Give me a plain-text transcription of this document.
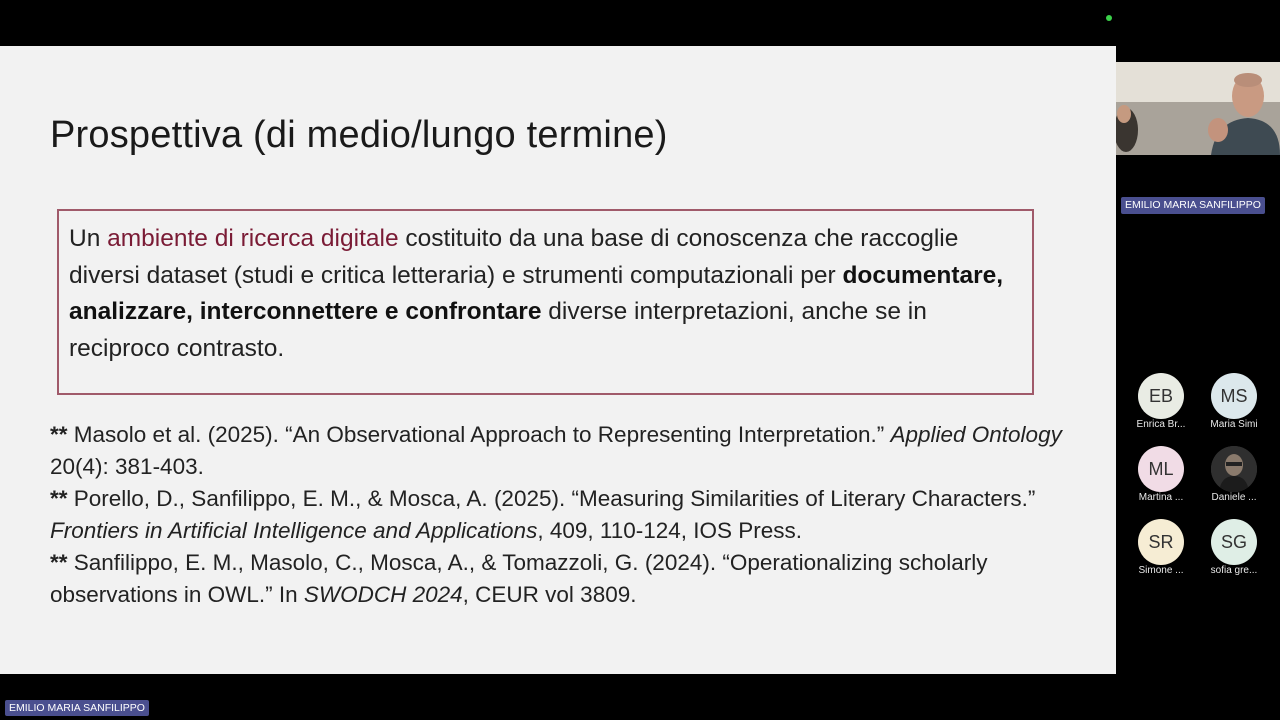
Prospettiva (di medio/lungo termine)
Un ambiente di ricerca digitale costituito da una base di conoscenza che raccoglie diversi dataset (studi e critica letteraria) e strumenti computazionali per documentare, analizzare, interconnettere e confrontare diverse interpretazioni, anche se in reciproco contrasto.
** Masolo et al. (2025). “An Observational Approach to Representing Interpretation.” Applied Ontology 20(4): 381-403.
** Porello, D., Sanfilippo, E. M., & Mosca, A. (2025). “Measuring Similarities of Literary Characters.” Frontiers in Artificial Intelligence and Applications, 409, 110-124, IOS Press.
** Sanfilippo, E. M., Masolo, C., Mosca, A., & Tomazzoli, G. (2024). “Operationalizing scholarly observations in OWL.” In SWODCH 2024, CEUR vol 3809.
EMILIO MARIA SANFILIPPO
EB
Enrica Br...
MS
Maria Simi
ML
Martina ...	Daniele ...
SR
Simone ...
SG
sofia gre...
EMILIO MARIA SANFILIPPO
